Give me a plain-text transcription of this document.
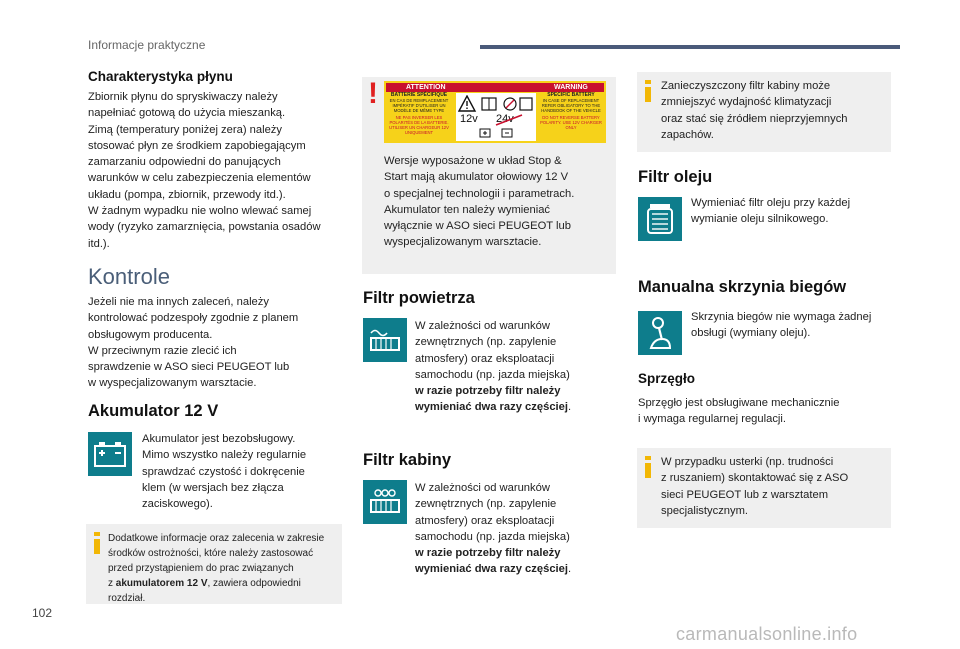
Informacje praktyczne
Charakterystyka płynu

Zbiornik płynu do spryskiwaczy należy

napełniać gotową do użycia mieszanką.

Zimą (temperatury poniżej zera) należy

stosować płyn ze środkiem zapobiegającym

zamarzaniu odpowiedni do panujących

warunków w celu zabezpieczenia elementów

układu (pompa, zbiornik, przewody itd.).

W żadnym wypadku nie wolno wlewać samej

wody (ryzyko zamarznięcia, powstania osadów

itd.).

Kontrole

Jeżeli nie ma innych zaleceń, należy

kontrolować podzespoły zgodnie z planem

obsługowym producenta.

W przeciwnym razie zlecić ich

sprawdzenie w ASO sieci PEUGEOT lub

w wyspecjalizowanym warsztacie.

Akumulator 12 V

Akumulator jest bezobsługowy.

Mimo wszystko należy regularnie

sprawdzać czystość i dokręcenie

klem (w wersjach bez złącza

zaciskowego).

Dodatkowe informacje oraz zalecenia w zakresie
środków ostrożności, które należy zastosować
przed przystąpieniem do prac związanych
z akumulatorem 12 V, zawiera odpowiedni rozdział.
!	ATTENTION	WARNING
BATTERIE SPÉCIFIQUE
EN CAS DE REMPLACEMENT IMPÉRATIF D'UTILISER UN MODÈLE DE MÊME TYPE
NE PAS INVERSER LES POLARITÉS DE LA BATTERIE. UTILISER UN CHARGEUR 12V UNIQUEMENT
SPECIFIC BATTERY
IN CASE OF REPLACEMENT REFER OBLIGATORY TO THE HANDBOOK OF THE VEHICLE
DO NOT REVERSE BATTERY POLARITY. USE 12V CHARGER ONLY
12v 24v

Wersje wyposażone w układ Stop &

Start mają akumulator ołowiowy 12 V

o specjalnej technologii i parametrach.

Akumulator ten należy wymieniać

wyłącznie w ASO sieci PEUGEOT lub

wyspecjalizowanym warsztacie.

Filtr powietrza

W zależności od warunków

zewnętrznych (np. zapylenie

atmosfery) oraz eksploatacji

samochodu (np. jazda miejska)

w razie potrzeby filtr należy

wymieniać dwa razy częściej.

Filtr kabiny

W zależności od warunków

zewnętrznych (np. zapylenie

atmosfery) oraz eksploatacji

samochodu (np. jazda miejska)

w razie potrzeby filtr należy

wymieniać dwa razy częściej.

Zanieczyszczony filtr kabiny może

zmniejszyć wydajność klimatyzacji

oraz stać się źródłem nieprzyjemnych

zapachów.

Filtr oleju

Wymieniać filtr oleju przy każdej

wymianie oleju silnikowego.

Manualna skrzynia biegów

Skrzynia biegów nie wymaga żadnej

obsługi (wymiany oleju).

Sprzęgło

Sprzęgło jest obsługiwane mechanicznie

i wymaga regularnej regulacji.

W przypadku usterki (np. trudności

z ruszaniem) skontaktować się z ASO

sieci PEUGEOT lub z warsztatem

specjalistycznym.

102
carmanualsonline.info
